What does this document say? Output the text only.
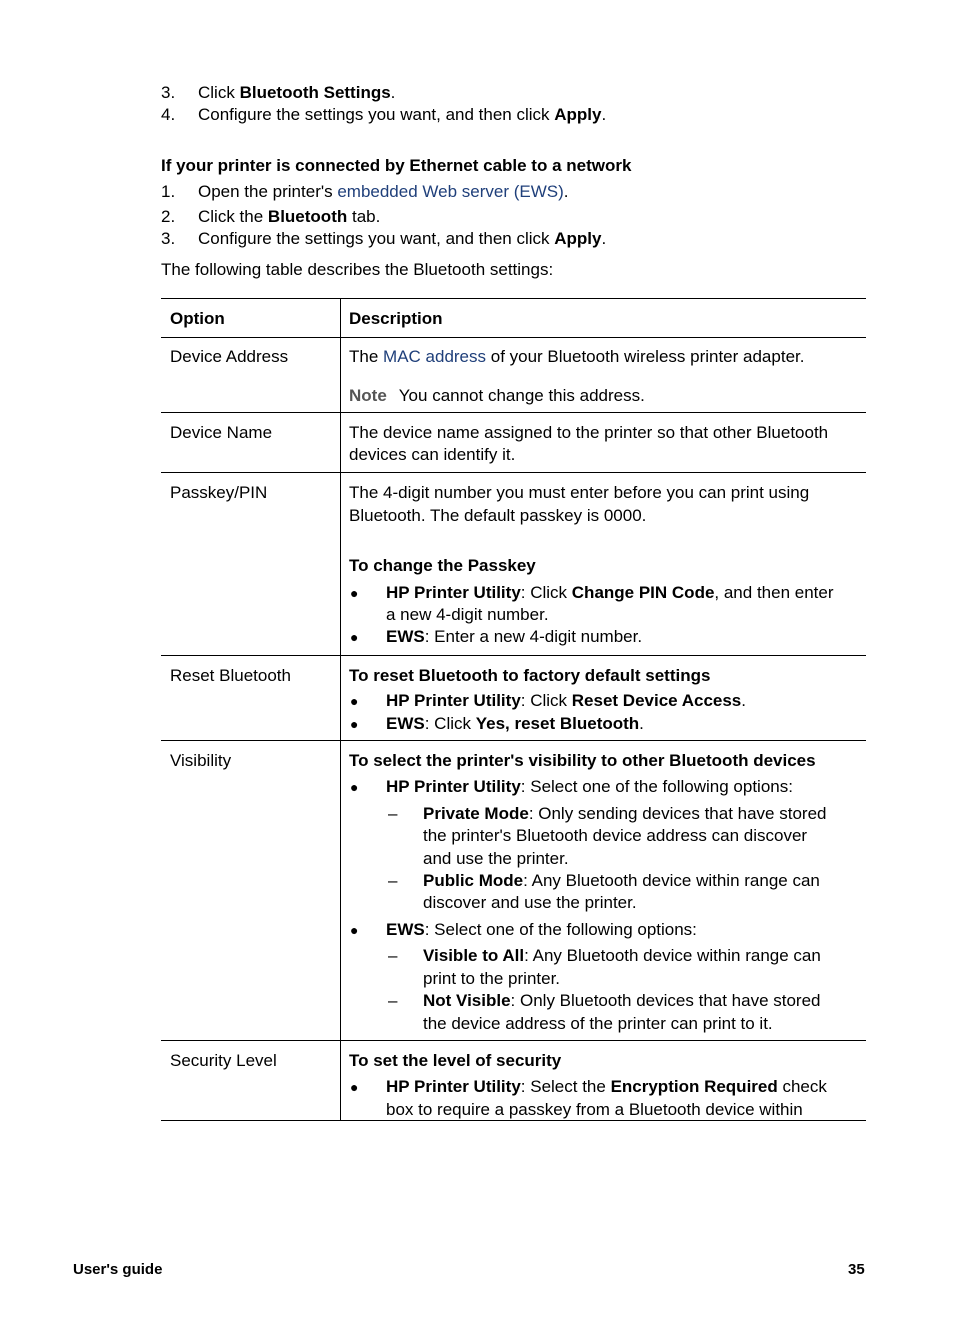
3. Click Bluetooth Settings.
4. Configure the settings you want, and then click Apply.
If your printer is connected by Ethernet cable to a network
1. Open the printer's embedded Web server (EWS).
2. Click the Bluetooth tab.
3. Configure the settings you want, and then click Apply.
The following table describes the Bluetooth settings:
Option	Description
Device Address	The MAC address of your Bluetooth wireless printer adapter.
Note You cannot change this address.
Device Name	The device name assigned to the printer so that other Bluetooth
devices can identify it.
Passkey/PIN	The 4-digit number you must enter before you can print using
Bluetooth. The default passkey is 0000.
To change the Passkey
● HP Printer Utility: Click Change PIN Code, and then enter
a new 4-digit number.
● EWS: Enter a new 4-digit number.
Reset Bluetooth	To reset Bluetooth to factory default settings
● HP Printer Utility: Click Reset Device Access.
● EWS: Click Yes, reset Bluetooth.
Visibility	To select the printer's visibility to other Bluetooth devices
● HP Printer Utility: Select one of the following options:
– Private Mode: Only sending devices that have stored
the printer's Bluetooth device address can discover
and use the printer.
– Public Mode: Any Bluetooth device within range can
discover and use the printer.
● EWS: Select one of the following options:
– Visible to All: Any Bluetooth device within range can
print to the printer.
– Not Visible: Only Bluetooth devices that have stored
the device address of the printer can print to it.
Security Level	To set the level of security
● HP Printer Utility: Select the Encryption Required check
box to require a passkey from a Bluetooth device within
User's guide	35
